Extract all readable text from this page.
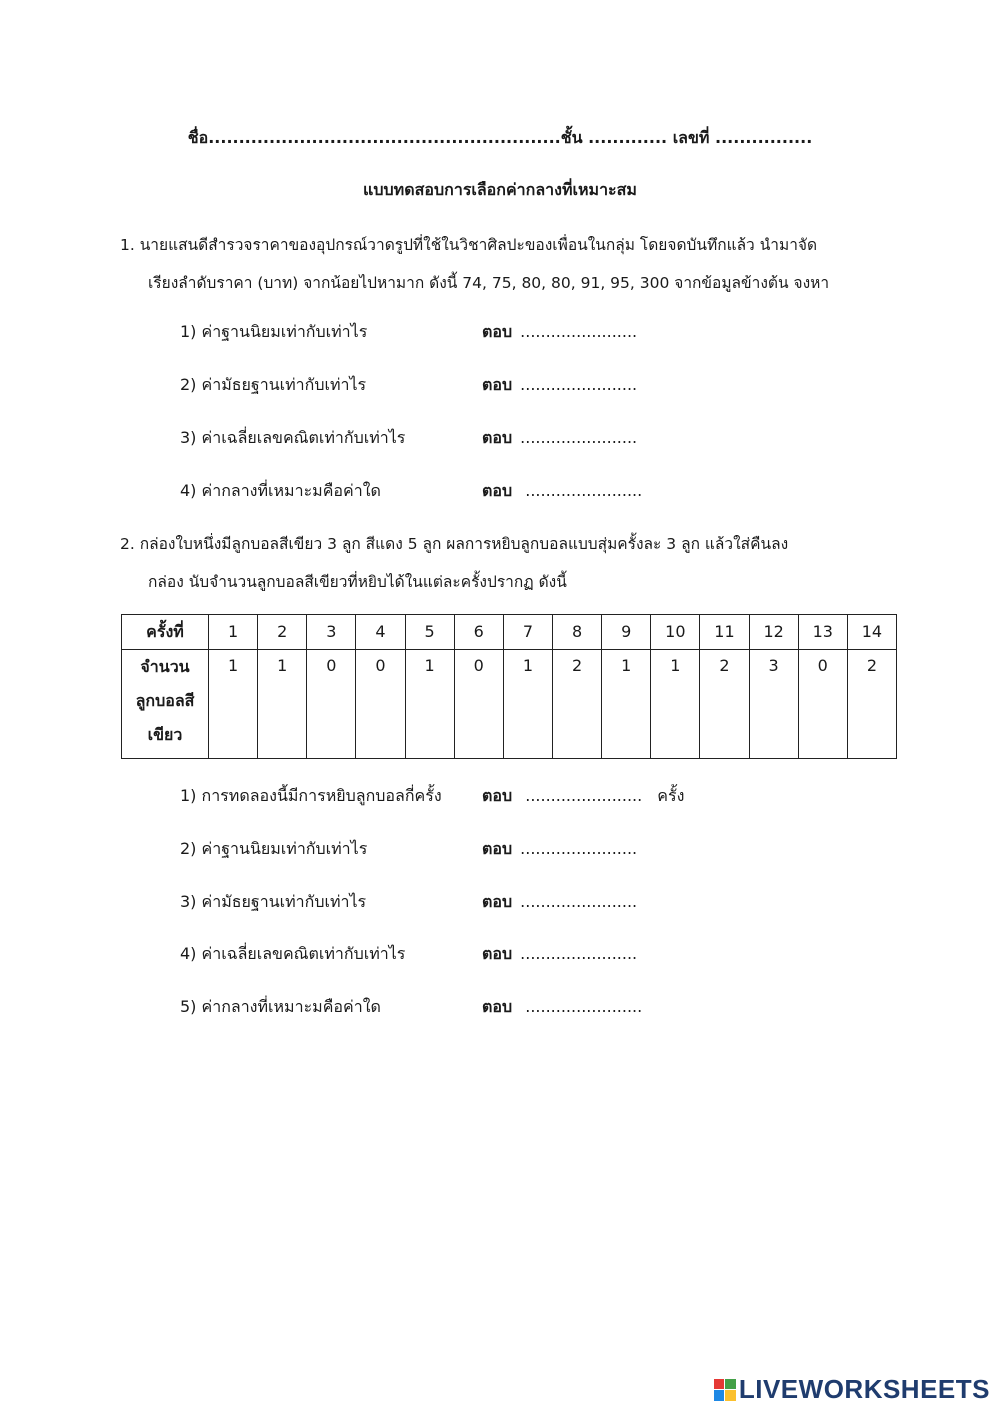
ชื่อ..........................................................ชั้น ............. เลขที่ ................
แบบทดสอบการเลือกค่ากลางที่เหมาะสม
1. นายแสนดีสำรวจราคาของอุปกรณ์วาดรูปที่ใช้ในวิชาศิลปะของเพื่อนในกลุ่ม โดยจดบันทึกแล้ว นำมาจัด
เรียงลำดับราคา (บาท) จากน้อยไปหามาก ดังนี้ 74, 75, 80, 80, 91, 95, 300 จากข้อมูลข้างต้น จงหา
1) ค่าฐานนิยมเท่ากับเท่าไร	ตอบ .......................
2) ค่ามัธยฐานเท่ากับเท่าไร	ตอบ .......................
3) ค่าเฉลี่ยเลขคณิตเท่ากับเท่าไร	ตอบ .......................
4) ค่ากลางที่เหมาะมคือค่าใด	ตอบ .......................
2. กล่องใบหนึ่งมีลูกบอลสีเขียว 3 ลูก สีแดง 5 ลูก ผลการหยิบลูกบอลแบบสุ่มครั้งละ 3 ลูก แล้วใส่คืนลง
กล่อง นับจำนวนลูกบอลสีเขียวที่หยิบได้ในแต่ละครั้งปรากฏ ดังนี้
ครั้งที่	1	2	3	4	5	6	7	8	9	10	11	12	13	14

จำนวน
ลูกบอลสี
เขียว	1	1	0	0	1	0	1	2	1	1	2	3	0	2
1) การทดลองนี้มีการหยิบลูกบอลกี่ครั้ง	ตอบ ....................... ครั้ง
2) ค่าฐานนิยมเท่ากับเท่าไร	ตอบ .......................
3) ค่ามัธยฐานเท่ากับเท่าไร	ตอบ .......................
4) ค่าเฉลี่ยเลขคณิตเท่ากับเท่าไร	ตอบ .......................
5) ค่ากลางที่เหมาะมคือค่าใด	ตอบ .......................
LIVEWORKSHEETS
